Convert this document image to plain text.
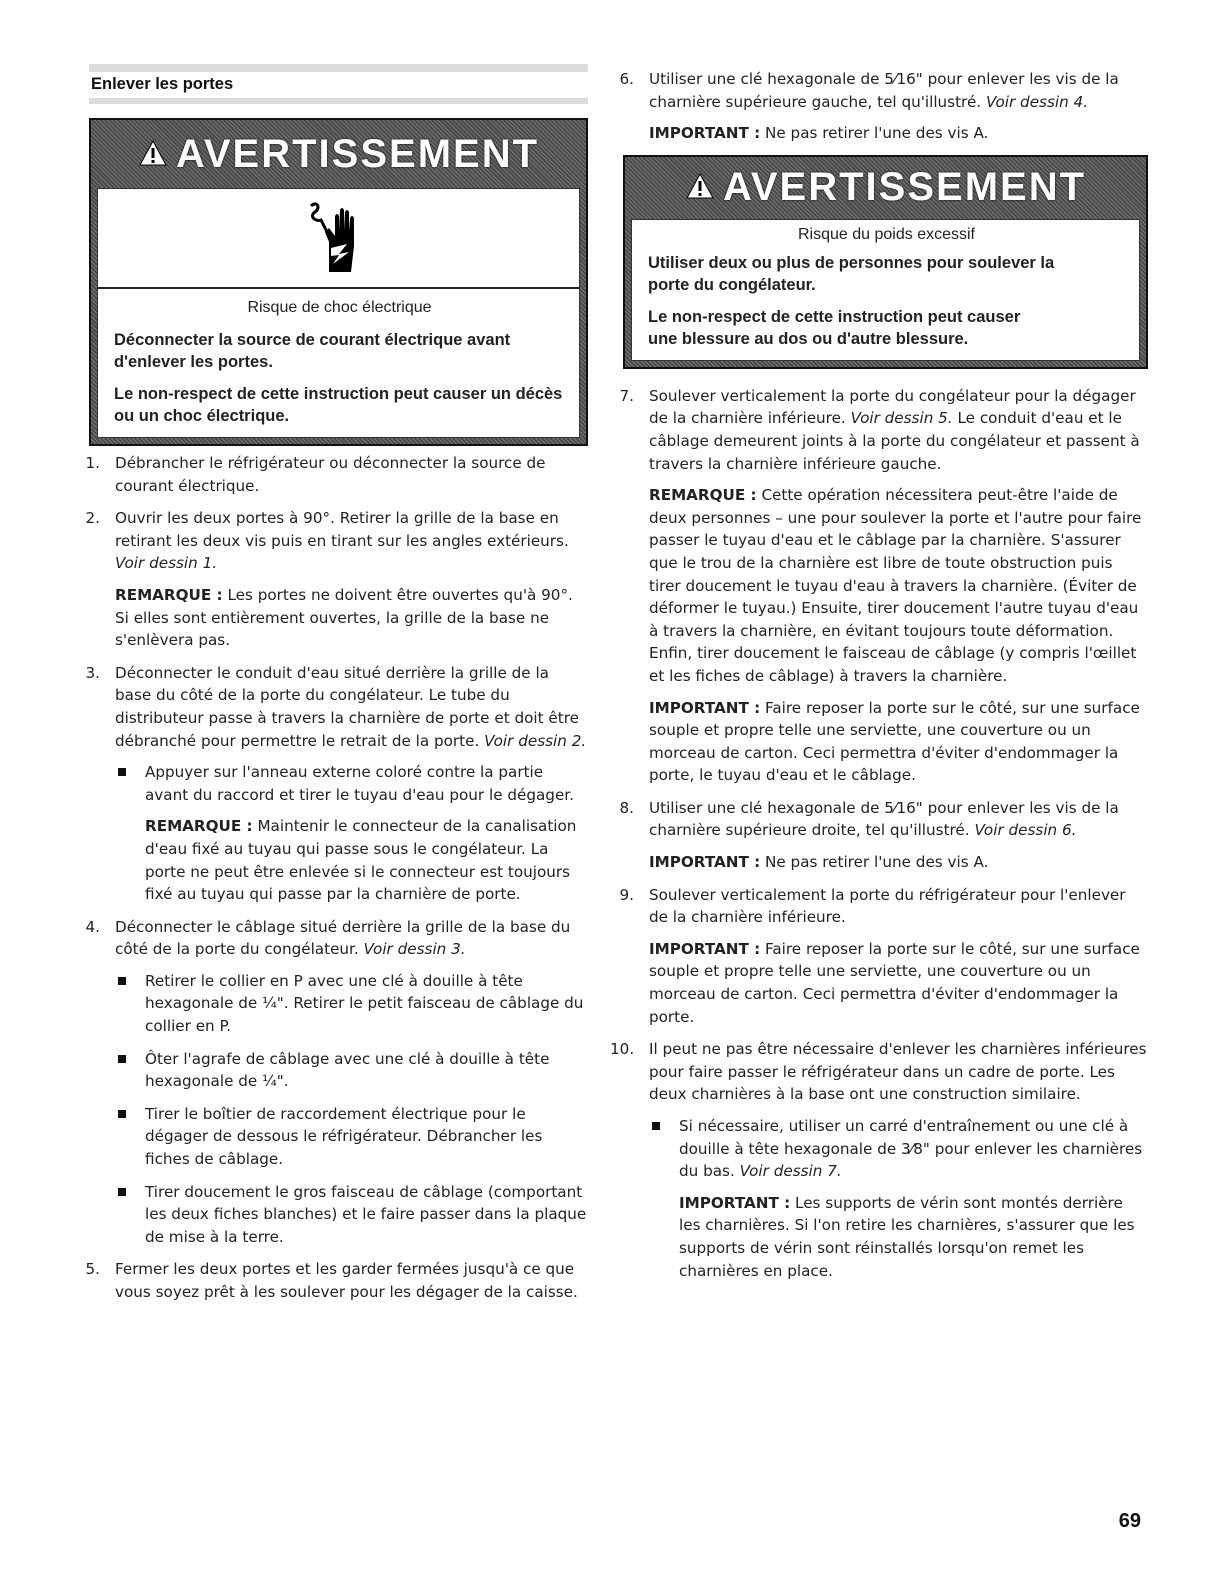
Enlever les portes
AVERTISSEMENT

Risque de choc électrique

Déconnecter la source de courant électrique avant d'enlever les portes.

Le non-respect de cette instruction peut causer un décès ou un choc électrique.

1. Débrancher le réfrigérateur ou déconnecter la source de courant électrique.

2. Ouvrir les deux portes à 90°. Retirer la grille de la base en retirant les deux vis puis en tirant sur les angles extérieurs. Voir dessin 1.

REMARQUE : Les portes ne doivent être ouvertes qu'à 90°. Si elles sont entièrement ouvertes, la grille de la base ne s'enlèvera pas.

3. Déconnecter le conduit d'eau situé derrière la grille de la base du côté de la porte du congélateur. Le tube du distributeur passe à travers la charnière de porte et doit être débranché pour permettre le retrait de la porte. Voir dessin 2.

Appuyer sur l'anneau externe coloré contre la partie avant du raccord et tirer le tuyau d'eau pour le dégager.

REMARQUE : Maintenir le connecteur de la canalisation d'eau fixé au tuyau qui passe sous le congélateur. La porte ne peut être enlevée si le connecteur est toujours fixé au tuyau qui passe par la charnière de porte.

4. Déconnecter le câblage situé derrière la grille de la base du côté de la porte du congélateur. Voir dessin 3.

Retirer le collier en P avec une clé à douille à tête hexagonale de ¼". Retirer le petit faisceau de câblage du collier en P.

Ôter l'agrafe de câblage avec une clé à douille à tête hexagonale de ¼".

Tirer le boîtier de raccordement électrique pour le dégager de dessous le réfrigérateur. Débrancher les fiches de câblage.

Tirer doucement le gros faisceau de câblage (comportant les deux fiches blanches) et le faire passer dans la plaque de mise à la terre.

5. Fermer les deux portes et les garder fermées jusqu'à ce que vous soyez prêt à les soulever pour les dégager de la caisse.

6. Utiliser une clé hexagonale de 5⁄16" pour enlever les vis de la charnière supérieure gauche, tel qu'illustré. Voir dessin 4.

IMPORTANT : Ne pas retirer l'une des vis A.

AVERTISSEMENT

Risque du poids excessif

Utiliser deux ou plus de personnes pour soulever la porte du congélateur.

Le non-respect de cette instruction peut causer une blessure au dos ou d'autre blessure.

7. Soulever verticalement la porte du congélateur pour la dégager de la charnière inférieure. Voir dessin 5. Le conduit d'eau et le câblage demeurent joints à la porte du congélateur et passent à travers la charnière inférieure gauche.

REMARQUE : Cette opération nécessitera peut-être l'aide de deux personnes – une pour soulever la porte et l'autre pour faire passer le tuyau d'eau et le câblage par la charnière. S'assurer que le trou de la charnière est libre de toute obstruction puis tirer doucement le tuyau d'eau à travers la charnière. (Éviter de déformer le tuyau.) Ensuite, tirer doucement l'autre tuyau d'eau à travers la charnière, en évitant toujours toute déformation. Enfin, tirer doucement le faisceau de câblage (y compris l'œillet et les fiches de câblage) à travers la charnière.

IMPORTANT : Faire reposer la porte sur le côté, sur une surface souple et propre telle une serviette, une couverture ou un morceau de carton. Ceci permettra d'éviter d'endommager la porte, le tuyau d'eau et le câblage.

8. Utiliser une clé hexagonale de 5⁄16" pour enlever les vis de la charnière supérieure droite, tel qu'illustré. Voir dessin 6.

IMPORTANT : Ne pas retirer l'une des vis A.

9. Soulever verticalement la porte du réfrigérateur pour l'enlever de la charnière inférieure.

IMPORTANT : Faire reposer la porte sur le côté, sur une surface souple et propre telle une serviette, une couverture ou un morceau de carton. Ceci permettra d'éviter d'endommager la porte.

10. Il peut ne pas être nécessaire d'enlever les charnières inférieures pour faire passer le réfrigérateur dans un cadre de porte. Les deux charnières à la base ont une construction similaire.

Si nécessaire, utiliser un carré d'entraînement ou une clé à douille à tête hexagonale de 3⁄8" pour enlever les charnières du bas. Voir dessin 7.

IMPORTANT : Les supports de vérin sont montés derrière les charnières. Si l'on retire les charnières, s'assurer que les supports de vérin sont réinstallés lorsqu'on remet les charnières en place.

69
